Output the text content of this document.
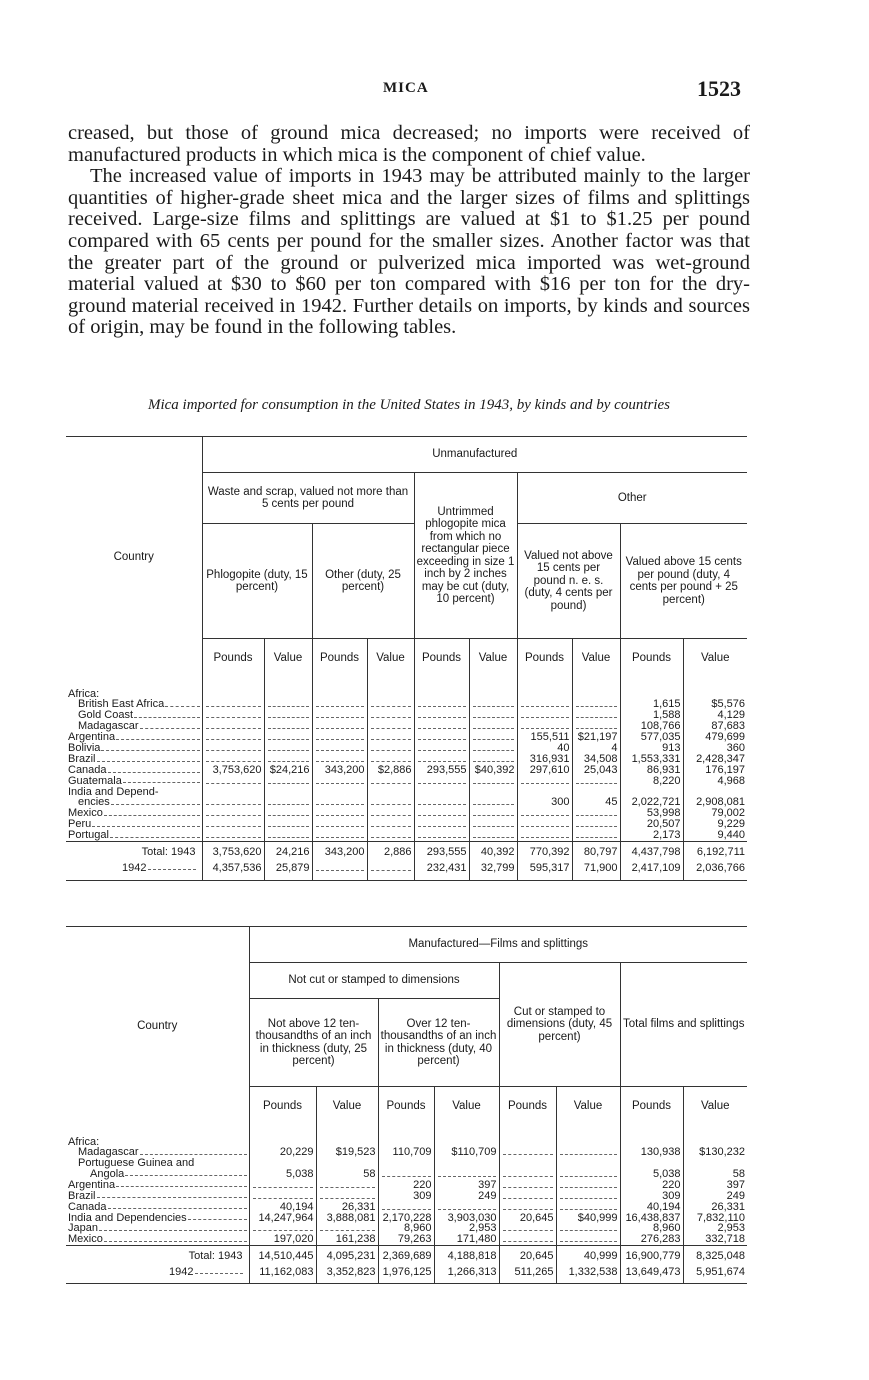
MICA	1523

creased, but those of ground mica decreased; no imports were received of manufactured products in which mica is the component of chief value.

The increased value of imports in 1943 may be attributed mainly to the larger quantities of higher-grade sheet mica and the larger sizes of films and splittings received. Large-size films and splittings are valued at $1 to $1.25 per pound compared with 65 cents per pound for the smaller sizes. Another factor was that the greater part of the ground or pulverized mica imported was wet-ground material valued at $30 to $60 per ton compared with $16 per ton for the dry-ground material received in 1942. Further details on imports, by kinds and sources of origin, may be found in the following tables.

Mica imported for consumption in the United States in 1943, by kinds and by countries
Country	Unmanufactured									
	Waste and scrap, valued not more than 5 cents per pound				Untrimmed phlogopite mica from which no rectangular piece exceeding in size 1 inch by 2 inches may be cut (duty, 10 percent)		Other			
	Phlogopite (duty, 15 percent)		Other (duty, 25 percent)				Valued not above 15 cents per pound n. e. s. (duty, 4 cents per pound)		Valued above 15 cents per pound (duty, 4 cents per pound + 25 percent)	
	Pounds	Value	Pounds	Value	Pounds	Value	Pounds	Value	Pounds	Value

Africa:										

British East Africa									1,615	$5,576

Gold Coast									1,588	4,129

Madagascar									108,766	87,683

Argentina							155,511	$21,197	577,035	479,699

Bolivia							40	4	913	360

Brazil							316,931	34,508	1,553,331	2,428,347

Canada	3,753,620	$24,216	343,200	$2,886	293,555	$40,392	297,610	25,043	86,931	176,197

Guatemala									8,220	4,968

India and Depend-										

encies							300	45	2,022,721	2,908,081

Mexico									53,998	79,002

Peru									20,507	9,229

Portugal									2,173	9,440

Total: 1943	3,753,620	24,216	343,200	2,886	293,555	40,392	770,392	80,797	4,437,798	6,192,711

1942	4,357,536	25,879			232,431	32,799	595,317	71,900	2,417,109	2,036,766

Country	Manufactured—Films and splittings							
	Not cut or stamped to dimensions				Cut or stamped to dimensions (duty, 45 percent)		Total films and splittings	
	Not above 12 ten-thousandths of an inch in thickness (duty, 25 percent)		Over 12 ten-thousandths of an inch in thickness (duty, 40 percent)					
	Pounds	Value	Pounds	Value	Pounds	Value	Pounds	Value

Africa:								

Madagascar	20,229	$19,523	110,709	$110,709			130,938	$130,232

Portuguese Guinea and								

Angola	5,038	58					5,038	58

Argentina			220	397			220	397

Brazil			309	249			309	249

Canada	40,194	26,331					40,194	26,331

India and Dependencies	14,247,964	3,888,081	2,170,228	3,903,030	20,645	$40,999	16,438,837	7,832,110

Japan			8,960	2,953			8,960	2,953

Mexico	197,020	161,238	79,263	171,480			276,283	332,718

Total: 1943	14,510,445	4,095,231	2,369,689	4,188,818	20,645	40,999	16,900,779	8,325,048

1942	11,162,083	3,352,823	1,976,125	1,266,313	511,265	1,332,538	13,649,473	5,951,674
